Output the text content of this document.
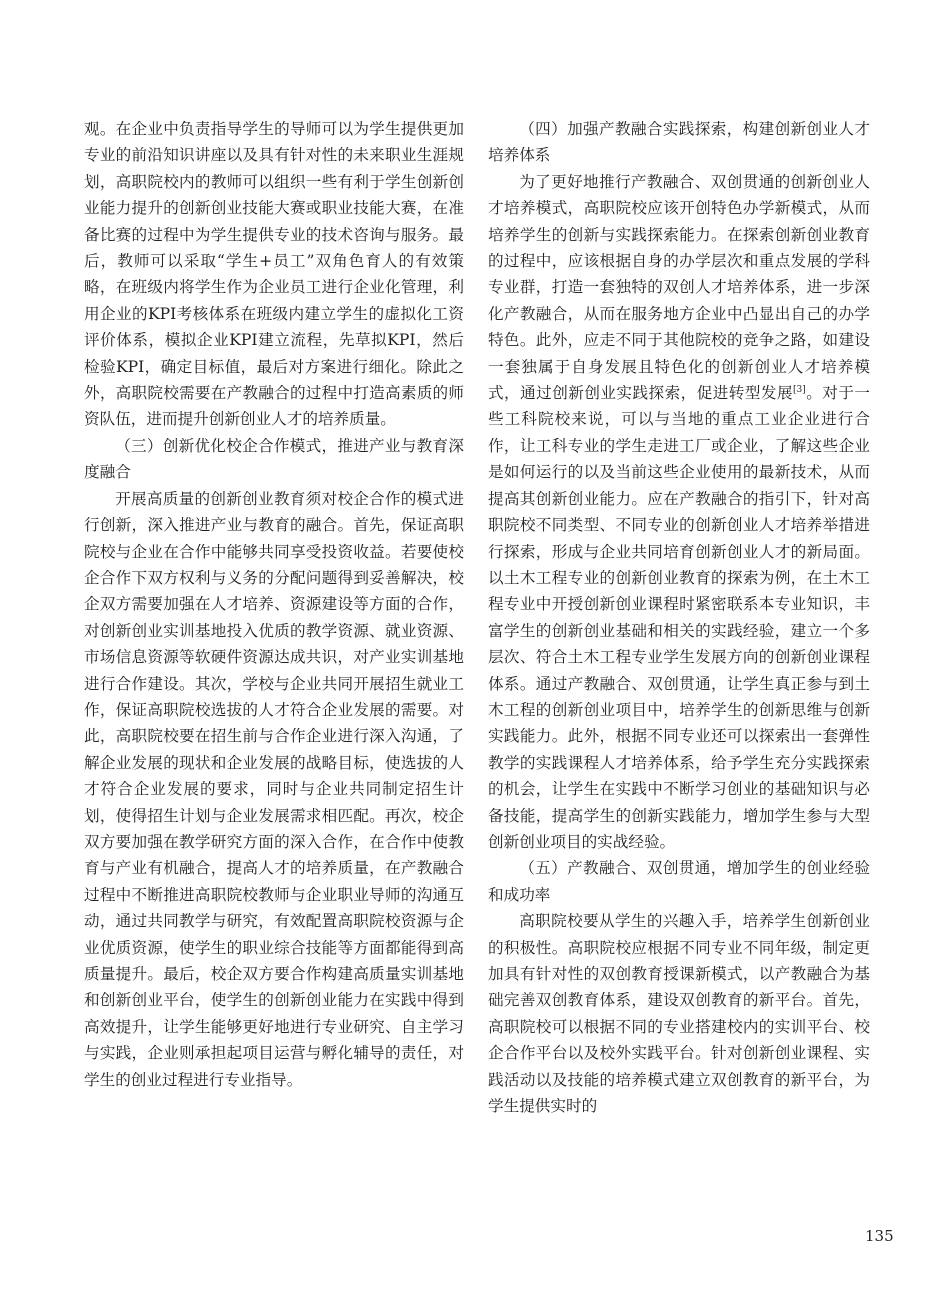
观。在企业中负责指导学生的导师可以为学生提供更加专业的前沿知识讲座以及具有针对性的未来职业生涯规划，高职院校内的教师可以组织一些有利于学生创新创业能力提升的创新创业技能大赛或职业技能大赛，在准备比赛的过程中为学生提供专业的技术咨询与服务。最后，教师可以采取“学生+员工”双角色育人的有效策略，在班级内将学生作为企业员工进行企业化管理，利用企业的KPI考核体系在班级内建立学生的虚拟化工资评价体系，模拟企业KPI建立流程，先草拟KPI，然后检验KPI，确定目标值，最后对方案进行细化。除此之外，高职院校需要在产教融合的过程中打造高素质的师资队伍，进而提升创新创业人才的培养质量。

（三）创新优化校企合作模式，推进产业与教育深度融合

开展高质量的创新创业教育须对校企合作的模式进行创新，深入推进产业与教育的融合。首先，保证高职院校与企业在合作中能够共同享受投资收益。若要使校企合作下双方权利与义务的分配问题得到妥善解决，校企双方需要加强在人才培养、资源建设等方面的合作，对创新创业实训基地投入优质的教学资源、就业资源、市场信息资源等软硬件资源达成共识，对产业实训基地进行合作建设。其次，学校与企业共同开展招生就业工作，保证高职院校选拔的人才符合企业发展的需要。对此，高职院校要在招生前与合作企业进行深入沟通，了解企业发展的现状和企业发展的战略目标，使选拔的人才符合企业发展的要求，同时与企业共同制定招生计划，使得招生计划与企业发展需求相匹配。再次，校企双方要加强在教学研究方面的深入合作，在合作中使教育与产业有机融合，提高人才的培养质量，在产教融合过程中不断推进高职院校教师与企业职业导师的沟通互动，通过共同教学与研究，有效配置高职院校资源与企业优质资源，使学生的职业综合技能等方面都能得到高质量提升。最后，校企双方要合作构建高质量实训基地和创新创业平台，使学生的创新创业能力在实践中得到高效提升，让学生能够更好地进行专业研究、自主学习与实践，企业则承担起项目运营与孵化辅导的责任，对学生的创业过程进行专业指导。

（四）加强产教融合实践探索，构建创新创业人才培养体系

为了更好地推行产教融合、双创贯通的创新创业人才培养模式，高职院校应该开创特色办学新模式，从而培养学生的创新与实践探索能力。在探索创新创业教育的过程中，应该根据自身的办学层次和重点发展的学科专业群，打造一套独特的双创人才培养体系，进一步深化产教融合，从而在服务地方企业中凸显出自己的办学特色。此外，应走不同于其他院校的竞争之路，如建设一套独属于自身发展且特色化的创新创业人才培养模式，通过创新创业实践探索，促进转型发展[3]。对于一些工科院校来说，可以与当地的重点工业企业进行合作，让工科专业的学生走进工厂或企业，了解这些企业是如何运行的以及当前这些企业使用的最新技术，从而提高其创新创业能力。应在产教融合的指引下，针对高职院校不同类型、不同专业的创新创业人才培养举措进行探索，形成与企业共同培育创新创业人才的新局面。以土木工程专业的创新创业教育的探索为例，在土木工程专业中开授创新创业课程时紧密联系本专业知识，丰富学生的创新创业基础和相关的实践经验，建立一个多层次、符合土木工程专业学生发展方向的创新创业课程体系。通过产教融合、双创贯通，让学生真正参与到土木工程的创新创业项目中，培养学生的创新思维与创新实践能力。此外，根据不同专业还可以探索出一套弹性教学的实践课程人才培养体系，给予学生充分实践探索的机会，让学生在实践中不断学习创业的基础知识与必备技能，提高学生的创新实践能力，增加学生参与大型创新创业项目的实战经验。

（五）产教融合、双创贯通，增加学生的创业经验和成功率

高职院校要从学生的兴趣入手，培养学生创新创业的积极性。高职院校应根据不同专业不同年级，制定更加具有针对性的双创教育授课新模式，以产教融合为基础完善双创教育体系，建设双创教育的新平台。首先，高职院校可以根据不同的专业搭建校内的实训平台、校企合作平台以及校外实践平台。针对创新创业课程、实践活动以及技能的培养模式建立双创教育的新平台，为学生提供实时的

135
